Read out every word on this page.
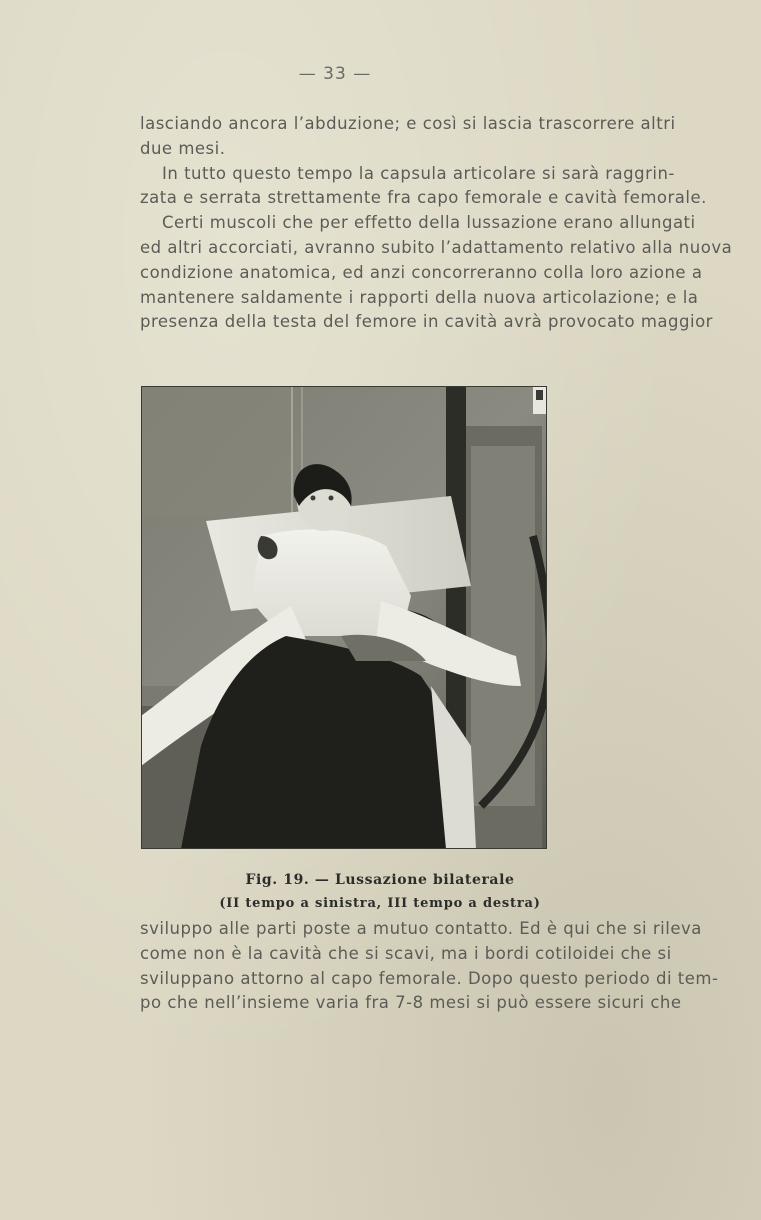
— 33 —
lasciando ancora l’abduzione; e così si lascia trascorrere altri
due mesi.
In tutto questo tempo la capsula articolare si sarà raggrin-
zata e serrata strettamente fra capo femorale e cavità femorale.
Certi muscoli che per effetto della lussazione erano allungati
ed altri accorciati, avranno subito l’adattamento relativo alla nuova
condizione anatomica, ed anzi concorreranno colla loro azione a
mantenere saldamente i rapporti della nuova articolazione; e la
presenza della testa del femore in cavità avrà provocato maggior

Fig. 19. — Lussazione bilaterale

(II tempo a sinistra, III tempo a destra)

sviluppo alle parti poste a mutuo contatto. Ed è qui che si rileva
come non è la cavità che si scavi, ma i bordi cotiloidei che si
sviluppano attorno al capo femorale. Dopo questo periodo di tem-
po che nell’insieme varia fra 7-8 mesi si può essere sicuri che
